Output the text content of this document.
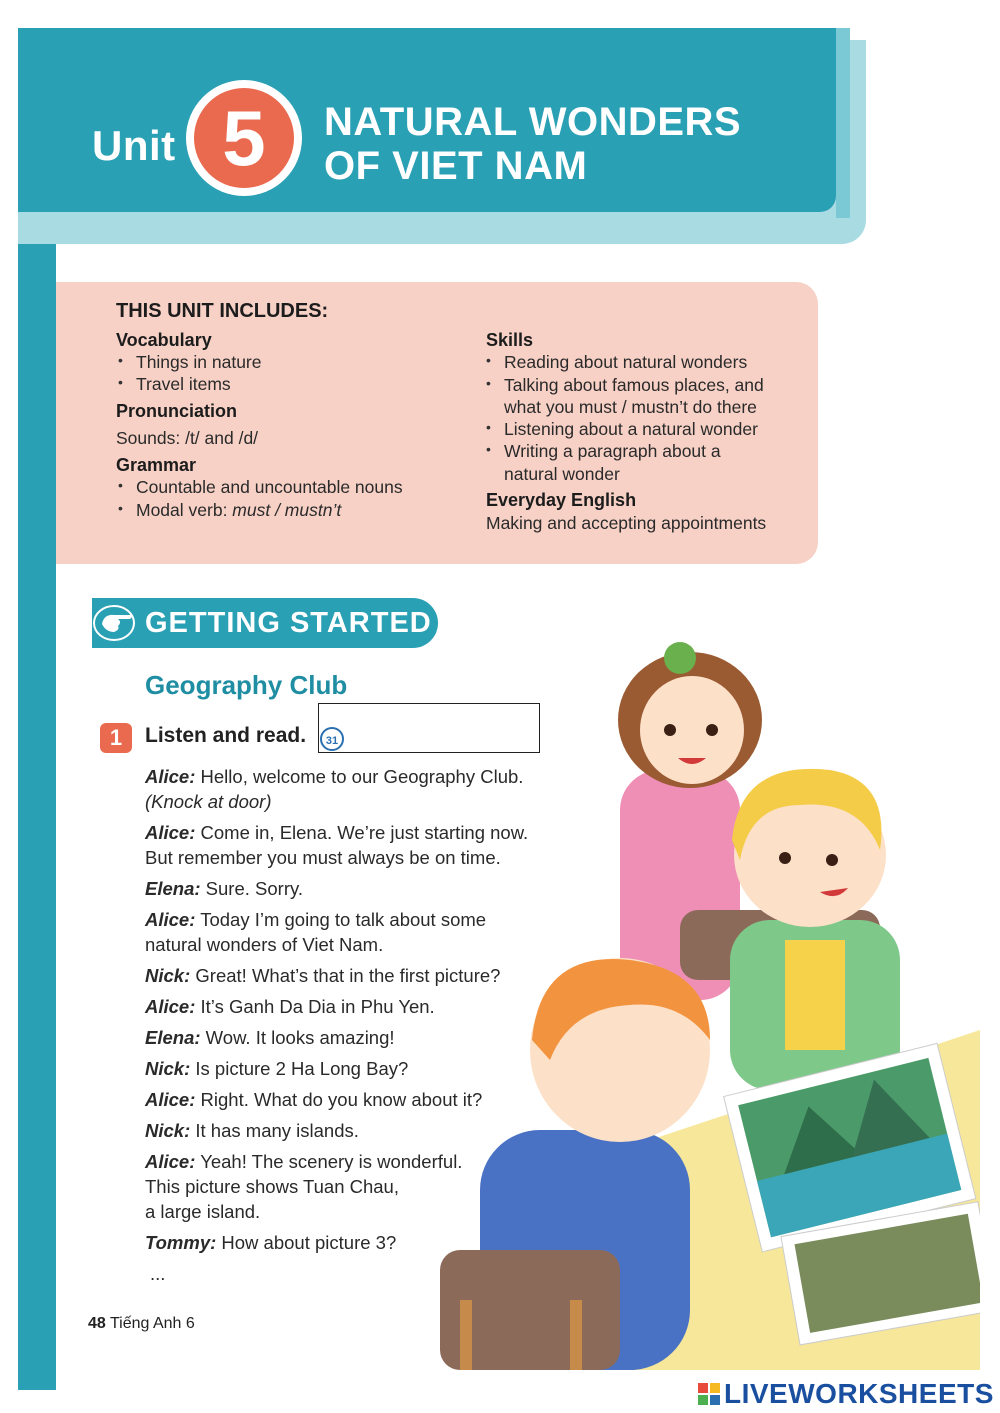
Unit 5	NATURAL WONDERS
OF VIET NAM
THIS UNIT INCLUDES:
Vocabulary
• Things in nature
• Travel items
Pronunciation
Sounds: /t/ and /d/
Grammar
• Countable and uncountable nouns
• Modal verb: must / mustn’t
Skills
• Reading about natural wonders
• Talking about famous places, and
what you must / mustn’t do there
• Listening about a natural wonder
• Writing a paragraph about a
natural wonder
Everyday English
Making and accepting appointments
GETTING STARTED
Geography Club
1	Listen and read. 31
Alice: Hello, welcome to our Geography Club.
(Knock at door)
Alice: Come in, Elena. We’re just starting now.
But remember you must always be on time.
Elena: Sure. Sorry.
Alice: Today I’m going to talk about some
natural wonders of Viet Nam.
Nick: Great! What’s that in the first picture?
Alice: It’s Ganh Da Dia in Phu Yen.
Elena: Wow. It looks amazing!
Nick: Is picture 2 Ha Long Bay?
Alice: Right. What do you know about it?
Nick: It has many islands.
Alice: Yeah! The scenery is wonderful.
This picture shows Tuan Chau,
a large island.
Tommy: How about picture 3?
...
48 Tiếng Anh 6
LIVEWORKSHEETS
